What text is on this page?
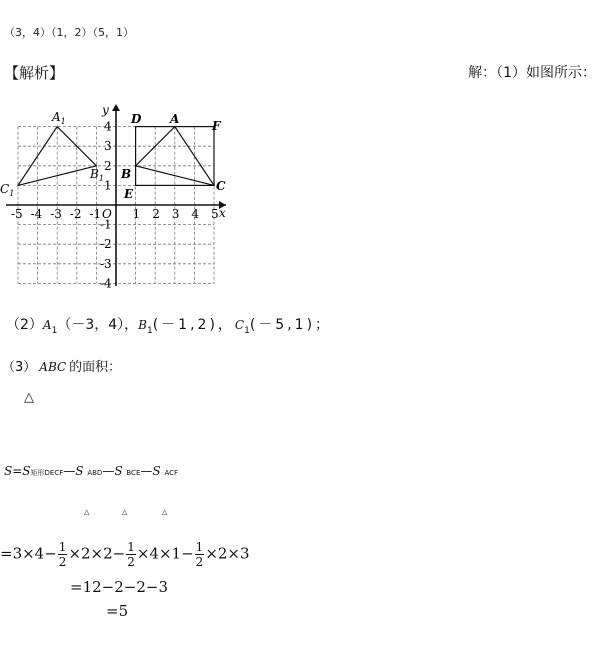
（3，4）（1，2）（5，1）
【解析】	解：（1）如图所示：
x
y
O
-5 -4 -3 -2 -1	1 2 3 4 5
4
3
2
1
-1
-2
-3
-4
D A	F
B
C
E
$A_1$
$B_1$
$C_1$
$(2)A_1(-3$，4），$B_1(-1,2)$，$C_1(-5,1)$；
（3） ABC 的面积：
△
S=S矩形DECF—S ABD—S BCE—S ACF
△	△	△
$=3\times 4- \frac{1}{2} \times 2\times 2- \frac{1}{2} \times 4\times 1- \frac{1}{2} \times 2\times 3$
=12−2−2−3
=5
